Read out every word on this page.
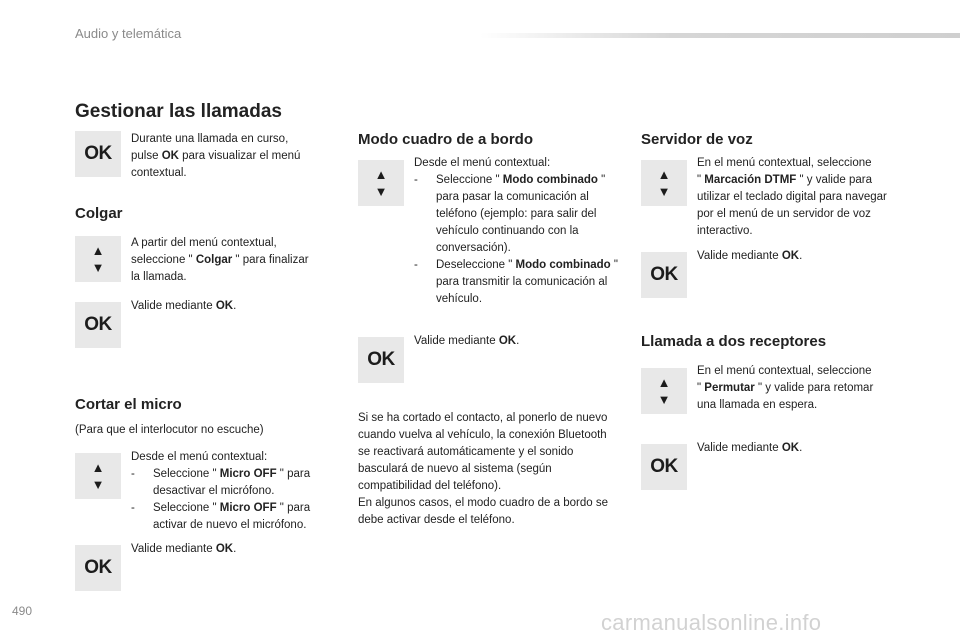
Audio y telemática
Gestionar las llamadas
OK

Durante una llamada en curso,

pulse OK para visualizar el menú

contextual.

Colgar
▲
▼

A partir del menú contextual,

seleccione " Colgar " para finalizar

la llamada.

OK

Valide mediante OK.

Cortar el micro
(Para que el interlocutor no escuche)
▲
▼

Desde el menú contextual:

- Seleccione " Micro OFF " para desactivar el micrófono.

- Seleccione " Micro OFF " para activar de nuevo el micrófono.

OK

Valide mediante OK.

Modo cuadro de a bordo
▲
▼

Desde el menú contextual:

- Seleccione " Modo combinado " para pasar la comunicación al teléfono (ejemplo: para salir del vehículo continuando con la conversación).

- Deseleccione " Modo combinado " para transmitir la comunicación al vehículo.

OK

Valide mediante OK.

Si se ha cortado el contacto, al ponerlo de nuevo cuando vuelva al vehículo, la conexión Bluetooth se reactivará automáticamente y el sonido basculará de nuevo al sistema (según compatibilidad del teléfono).

En algunos casos, el modo cuadro de a bordo se debe activar desde el teléfono.

Servidor de voz
▲
▼

En el menú contextual, seleccione

" Marcación DTMF " y valide para

utilizar el teclado digital para navegar

por el menú de un servidor de voz

interactivo.

OK

Valide mediante OK.

Llamada a dos receptores
▲
▼

En el menú contextual, seleccione

" Permutar " y valide para retomar

una llamada en espera.

OK

Valide mediante OK.

490	carmanualsonline.info
